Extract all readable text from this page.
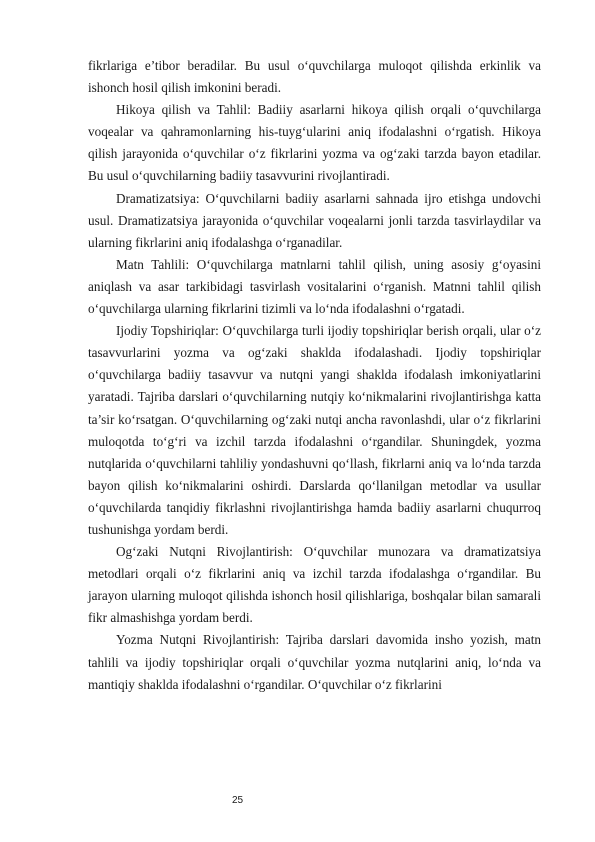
fikrlariga e’tibor beradilar. Bu usul o‘quvchilarga muloqot qilishda erkinlik va ishonch hosil qilish imkonini beradi.

Hikoya qilish va Tahlil: Badiiy asarlarni hikoya qilish orqali o‘quvchilarga voqealar va qahramonlarning his-tuyg‘ularini aniq ifodalashni o‘rgatish. Hikoya qilish jarayonida o‘quvchilar o‘z fikrlarini yozma va og‘zaki tarzda bayon etadilar. Bu usul o‘quvchilarning badiiy tasavvurini rivojlantiradi.

Dramatizatsiya: O‘quvchilarni badiiy asarlarni sahnada ijro etishga undovchi usul. Dramatizatsiya jarayonida o‘quvchilar voqealarni jonli tarzda tasvirlaydilar va ularning fikrlarini aniq ifodalashga o‘rganadilar.

Matn Tahlili: O‘quvchilarga matnlarni tahlil qilish, uning asosiy g‘oyasini aniqlash va asar tarkibidagi tasvirlash vositalarini o‘rganish. Matnni tahlil qilish o‘quvchilarga ularning fikrlarini tizimli va lo‘nda ifodalashni o‘rgatadi.

Ijodiy Topshiriqlar: O‘quvchilarga turli ijodiy topshiriqlar berish orqali, ular o‘z tasavvurlarini yozma va og‘zaki shaklda ifodalashadi. Ijodiy topshiriqlar o‘quvchilarga badiiy tasavvur va nutqni yangi shaklda ifodalash imkoniyatlarini yaratadi. Tajriba darslari o‘quvchilarning nutqiy ko‘nikmalarini rivojlantirishga katta ta’sir ko‘rsatgan. O‘quvchilarning og‘zaki nutqi ancha ravonlashdi, ular o‘z fikrlarini muloqotda to‘g‘ri va izchil tarzda ifodalashni o‘rgandilar. Shuningdek, yozma nutqlarida o‘quvchilarni tahliliy yondashuvni qo‘llash, fikrlarni aniq va lo‘nda tarzda bayon qilish ko‘nikmalarini oshirdi. Darslarda qo‘llanilgan metodlar va usullar o‘quvchilarda tanqidiy fikrlashni rivojlantirishga hamda badiiy asarlarni chuqurroq tushunishga yordam berdi.

Og‘zaki Nutqni Rivojlantirish: O‘quvchilar munozara va dramatizatsiya metodlari orqali o‘z fikrlarini aniq va izchil tarzda ifodalashga o‘rgandilar. Bu jarayon ularning muloqot qilishda ishonch hosil qilishlariga, boshqalar bilan samarali fikr almashishga yordam berdi.

Yozma Nutqni Rivojlantirish: Tajriba darslari davomida insho yozish, matn tahlili va ijodiy topshiriqlar orqali o‘quvchilar yozma nutqlarini aniq, lo‘nda va mantiqiy shaklda ifodalashni o‘rgandilar. O‘quvchilar o‘z fikrlarini

25
